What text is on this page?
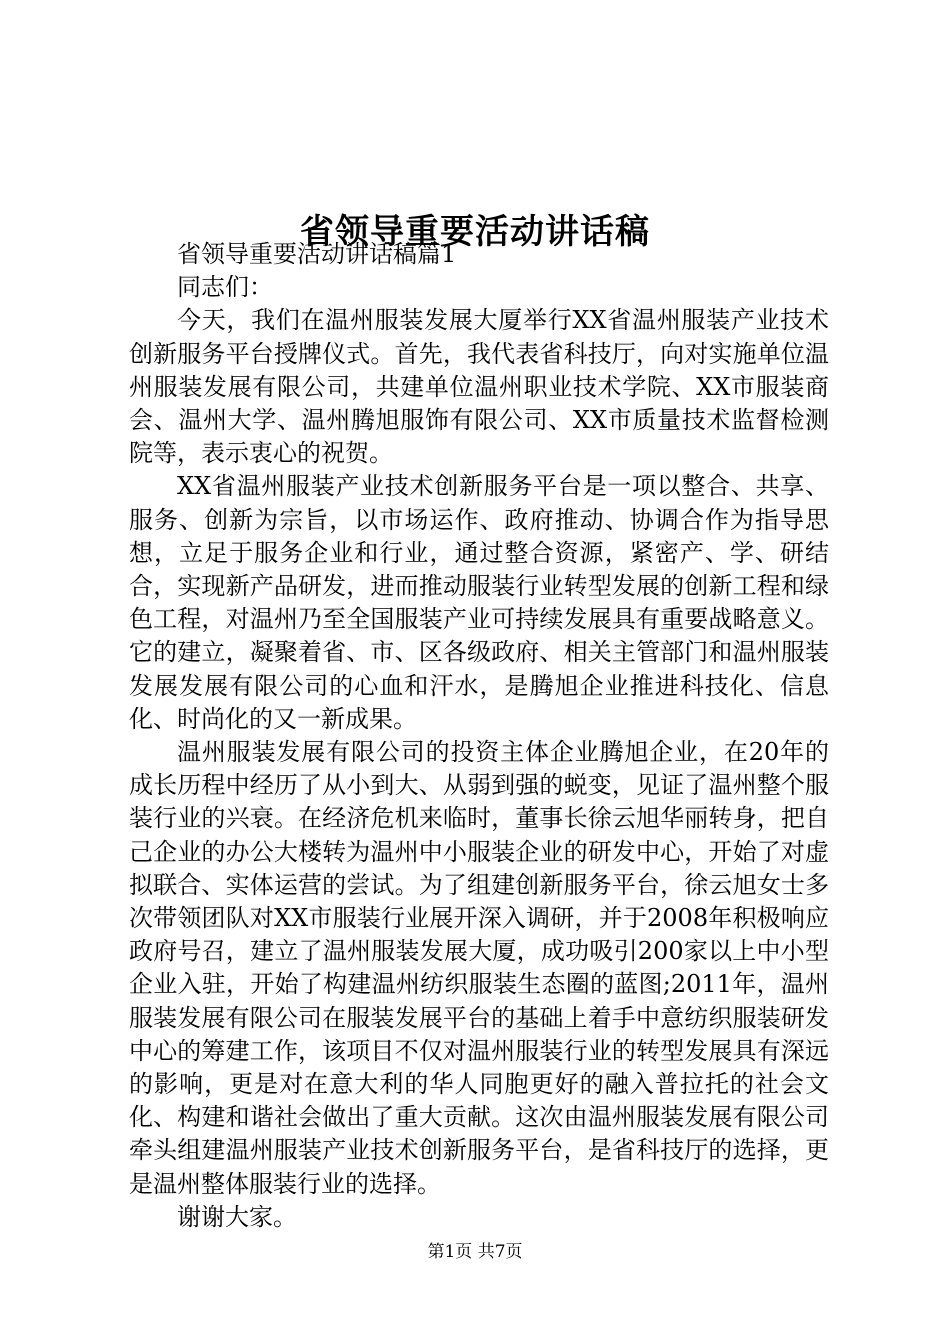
省领导重要活动讲话稿

省领导重要活动讲话稿篇1

同志们：

今天，我们在温州服装发展大厦举行XX省温州服装产业技术创新服务平台授牌仪式。首先，我代表省科技厅，向对实施单位温州服装发展有限公司，共建单位温州职业技术学院、XX市服装商会、温州大学、温州腾旭服饰有限公司、XX市质量技术监督检测院等，表示衷心的祝贺。

XX省温州服装产业技术创新服务平台是一项以整合、共享、服务、创新为宗旨，以市场运作、政府推动、协调合作为指导思想，立足于服务企业和行业，通过整合资源，紧密产、学、研结合，实现新产品研发，进而推动服装行业转型发展的创新工程和绿色工程，对温州乃至全国服装产业可持续发展具有重要战略意义。它的建立，凝聚着省、市、区各级政府、相关主管部门和温州服装发展发展有限公司的心血和汗水，是腾旭企业推进科技化、信息化、时尚化的又一新成果。

温州服装发展有限公司的投资主体企业腾旭企业，在20年的成长历程中经历了从小到大、从弱到强的蜕变，见证了温州整个服装行业的兴衰。在经济危机来临时，董事长徐云旭华丽转身，把自己企业的办公大楼转为温州中小服装企业的研发中心，开始了对虚拟联合、实体运营的尝试。为了组建创新服务平台，徐云旭女士多次带领团队对XX市服装行业展开深入调研，并于2008年积极响应政府号召，建立了温州服装发展大厦，成功吸引200家以上中小型企业入驻，开始了构建温州纺织服装生态圈的蓝图;2011年，温州服装发展有限公司在服装发展平台的基础上着手中意纺织服装研发中心的筹建工作，该项目不仅对温州服装行业的转型发展具有深远的影响，更是对在意大利的华人同胞更好的融入普拉托的社会文化、构建和谐社会做出了重大贡献。这次由温州服装发展有限公司牵头组建温州服装产业技术创新服务平台，是省科技厅的选择，更是温州整体服装行业的选择。

谢谢大家。

第1页 共7页
